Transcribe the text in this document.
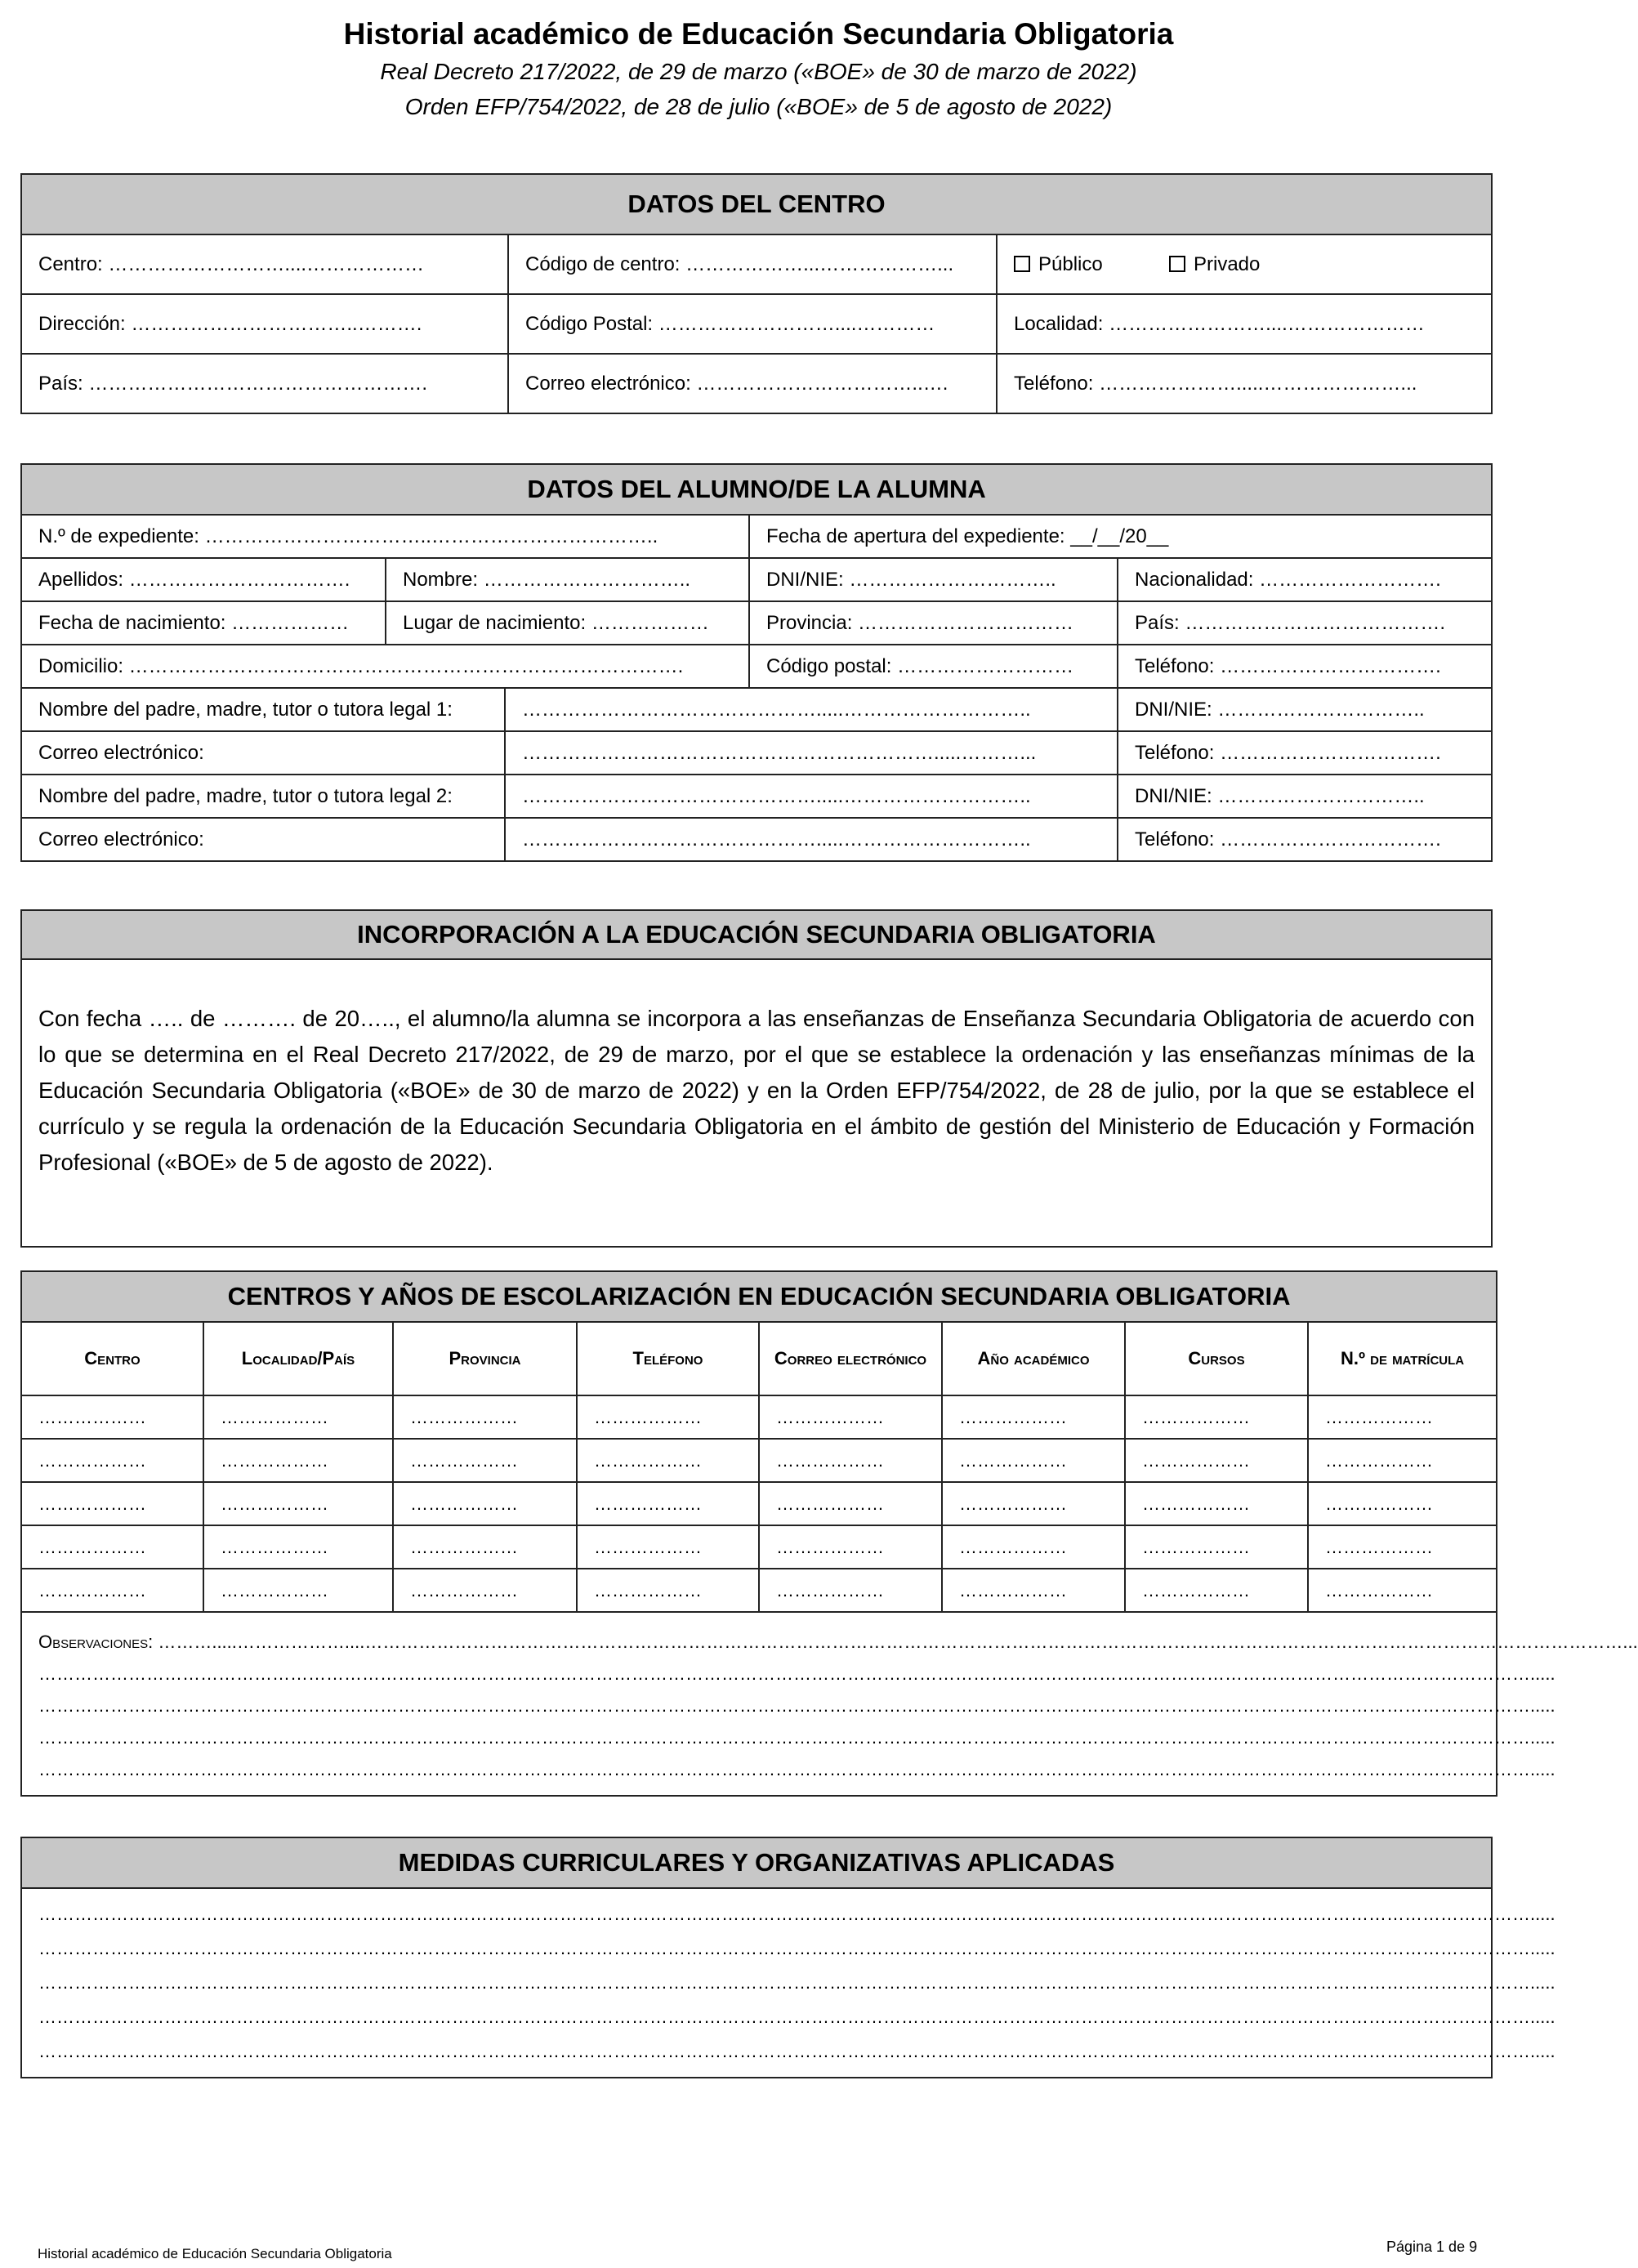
Historial académico de Educación Secundaria Obligatoria
Real Decreto 217/2022, de 29 de marzo («BOE» de 30 de marzo de 2022)
Orden EFP/754/2022, de 28 de julio («BOE» de 5 de agosto de 2022)
DATOS DEL CENTRO		
Centro: ………………………....………………	Código de centro: ………………...………………...	Público Privado
Dirección: ……………………………..……….	Código Postal: ………………………....…………	Localidad: ……………………....…………………
País: …………………………………………….	Correo electrónico: ……………………………..….	Teléfono: ………………….....…………………...
DATOS DEL ALUMNO/DE LA ALUMNA				
N.º de expediente: ……………………………..……………………………..			Fecha de apertura del expediente: __/__/20__	
Apellidos: …………………………….	Nombre: …………………………..		DNI/NIE: …………………………..	Nacionalidad: ……………………….
Fecha de nacimiento: ………………	Lugar de nacimiento: ………………		Provincia: ……………………………	País: ………………………………….
Domicilio: ………………………………………………………………………….			Código postal: ………………………	Teléfono: …………………………….
Nombre del padre, madre, tutor o tutora legal 1:		……………………………………….....………………………..		DNI/NIE: …………………………..
Correo electrónico:		……………………………………………………….....………...		Teléfono: …………………………….
Nombre del padre, madre, tutor o tutora legal 2:		……………………………………….....………………………..		DNI/NIE: …………………………..
Correo electrónico:		……………………………………….....………………………..		Teléfono: …………………………….
INCORPORACIÓN A LA EDUCACIÓN SECUNDARIA OBLIGATORIA
Con fecha ….. de ………. de 20….., el alumno/la alumna se incorpora a las enseñanzas de Enseñanza Secundaria Obligatoria de acuerdo con lo que se determina en el Real Decreto 217/2022, de 29 de marzo, por el que se establece la ordenación y las enseñanzas mínimas de la Educación Secundaria Obligatoria («BOE» de 30 de marzo de 2022) y en la Orden EFP/754/2022, de 28 de julio, por la que se establece el currículo y se regula la ordenación de la Educación Secundaria Obligatoria en el ámbito de gestión del Ministerio de Educación y Formación Profesional («BOE» de 5 de agosto de 2022).
CENTROS Y AÑOS DE ESCOLARIZACIÓN EN EDUCACIÓN SECUNDARIA OBLIGATORIA							
Centro	Localidad/País	Provincia	Teléfono	Correo electrónico	Año académico	Cursos	N.º de matrícula
………………	………………	………………	………………	………………	………………	………………	………………
………………	………………	………………	………………	………………	………………	………………	………………
………………	………………	………………	………………	………………	………………	………………	………………
………………	………………	………………	………………	………………	………………	………………	………………
………………	………………	………………	………………	………………	………………	………………	………………

Observaciones: ……….....………………....…………………………………………………………………………………………………………………………………………………………………………………………...
…………………………………………………………………………………………………………………………………………………………………………………………………………………………….....
…………………………………………………………………………………………………………………………………………………………………………………………………………………………….....
…………………………………………………………………………………………………………………………………………………………………………………………………………………………….....
…………………………………………………………………………………………………………………………………………………………………………………………………………………………….....							
MEDIDAS CURRICULARES Y ORGANIZATIVAS APLICADAS

…………………………………………………………………………………………………………………………………………………………………………………………………………………………….....
…………………………………………………………………………………………………………………………………………………………………………………………………………………………….....
…………………………………………………………………………………………………………………………………………………………………………………………………………………………….....
…………………………………………………………………………………………………………………………………………………………………………………………………………………………….....
…………………………………………………………………………………………………………………………………………………………………………………………………………………………….....
Historial académico de Educación Secundaria Obligatoria	Página 1 de 9
